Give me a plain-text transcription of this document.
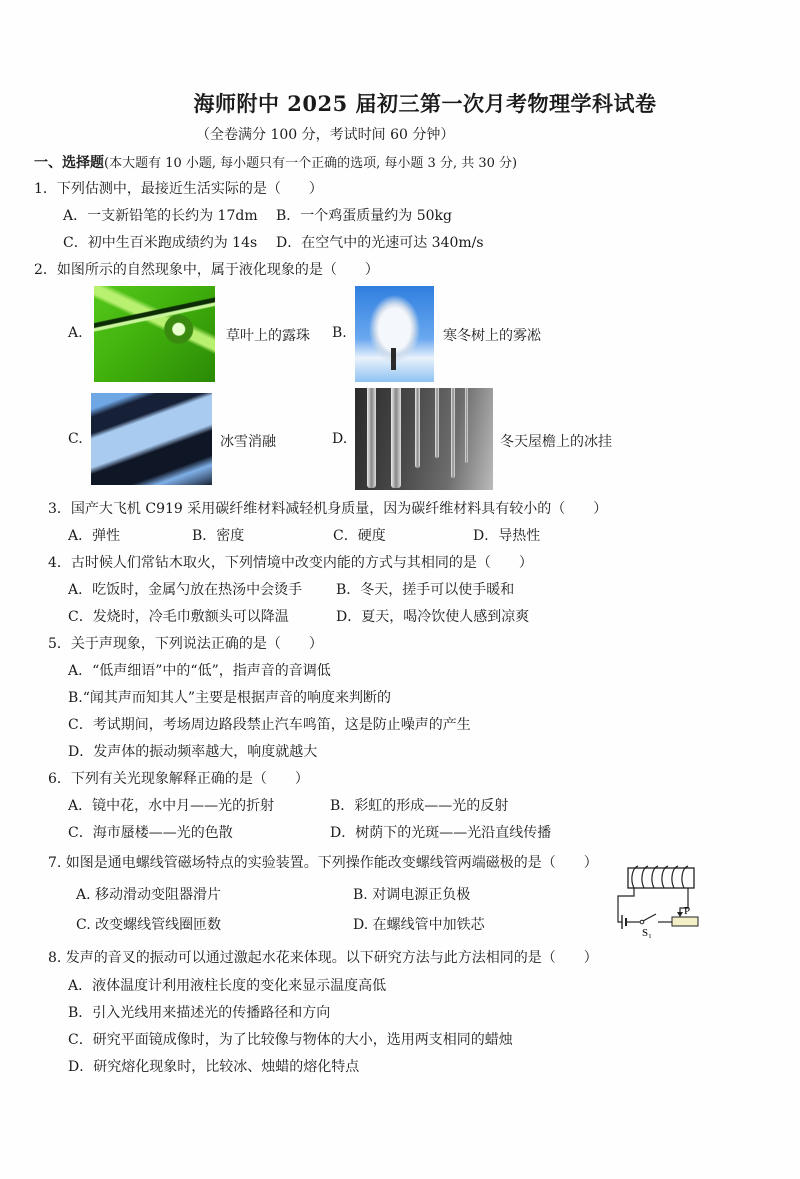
海师附中 2025 届初三第一次月考物理学科试卷
（全卷满分 100 分，考试时间 60 分钟）
一、选择题(本大题有 10 小题, 每小题只有一个正确的选项, 每小题 3 分, 共 30 分)
1．下列估测中，最接近生活实际的是（　　）
A．一支新铅笔的长约为 17dm B．一个鸡蛋质量约为 50kg
C．初中生百米跑成绩约为 14s D．在空气中的光速可达 340m/s
2．如图所示的自然现象中，属于液化现象的是（　　）
A.	草叶上的露珠 B.	寒冬树上的雾凇
C.	冰雪消融	D.	冬天屋檐上的冰挂
3．国产大飞机 C919 采用碳纤维材料减轻机身质量，因为碳纤维材料具有较小的（　　）
A．弹性	B．密度	C．硬度	D．导热性
4．古时候人们常钻木取火，下列情境中改变内能的方式与其相同的是（　　）
A．吃饭时，金属勺放在热汤中会烫手 B．冬天，搓手可以使手暖和
C．发烧时，冷毛巾敷额头可以降温	D．夏天，喝冷饮使人感到凉爽
5．关于声现象，下列说法正确的是（　　）
A．“低声细语”中的“低”，指声音的音调低
B.“闻其声而知其人”主要是根据声音的响度来判断的
C．考试期间，考场周边路段禁止汽车鸣笛，这是防止噪声的产生
D．发声体的振动频率越大，响度就越大
6．下列有关光现象解释正确的是（　　）
A．镜中花，水中月——光的折射	B．彩虹的形成——光的反射
C．海市蜃楼——光的色散	D．树荫下的光斑——光沿直线传播
7. 如图是通电螺线管磁场特点的实验装置。下列操作能改变螺线管两端磁极的是（　　）
A. 移动滑动变阻器滑片	B. 对调电源正负极
C. 改变螺线管线圈匝数	D. 在螺线管中加铁芯
P
S₁
8. 发声的音叉的振动可以通过激起水花来体现。以下研究方法与此方法相同的是（　　）
A．液体温度计利用液柱长度的变化来显示温度高低
B．引入光线用来描述光的传播路径和方向
C．研究平面镜成像时，为了比较像与物体的大小，选用两支相同的蜡烛
D．研究熔化现象时，比较冰、烛蜡的熔化特点
